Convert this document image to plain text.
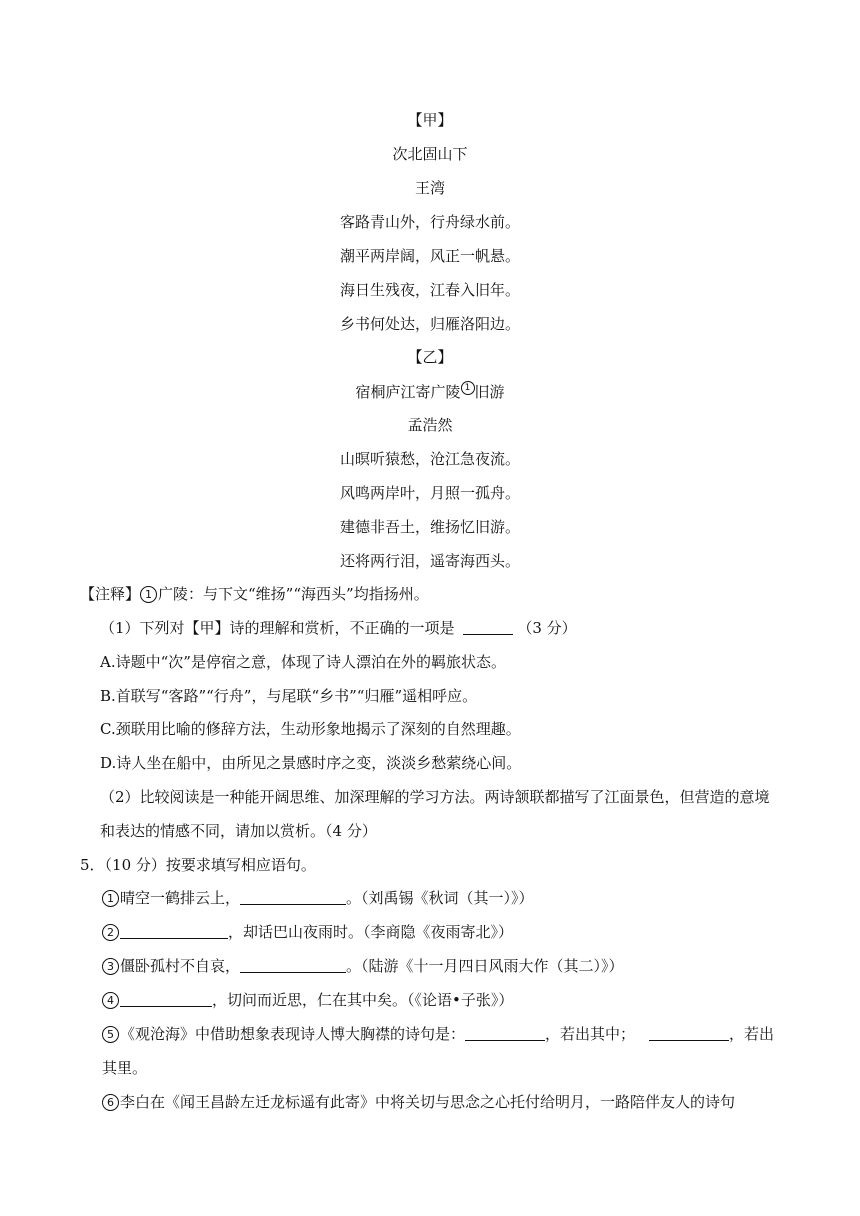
【甲】
次北固山下
王湾
客路青山外，行舟绿水前。
潮平两岸阔，风正一帆悬。
海日生残夜，江春入旧年。
乡书何处达，归雁洛阳边。
【乙】
宿桐庐江寄广陵 1 旧游
孟浩然
山暝听猿愁，沧江急夜流。
风鸣两岸叶，月照一孤舟。
建德非吾土，维扬忆旧游。
还将两行泪，遥寄海西头。
【注释】 1 广陵：与下文“维扬”“海西头”均指扬州。
（1）下列对【甲】诗的理解和赏析，不正确的一项是	（3 分）
A.诗题中“次”是停宿之意，体现了诗人漂泊在外的羁旅状态。
B.首联写“客路”“行舟”，与尾联“乡书”“归雁”遥相呼应。
C.颈联用比喻的修辞方法，生动形象地揭示了深刻的自然理趣。
D.诗人坐在船中，由所见之景感时序之变，淡淡乡愁萦绕心间。
（2）比较阅读是一种能开阔思维、加深理解的学习方法。两诗颔联都描写了江面景色，但营造的意境
和表达的情感不同，请加以赏析。（4 分）
5．（10 分）按要求填写相应语句。
1 晴空一鹤排云上，	。（刘禹锡《秋词（其一）》）
2	，却话巴山夜雨时。（李商隐《夜雨寄北》）
3 僵卧孤村不自哀，	。（陆游《十一月四日风雨大作（其二）》）
4	，切问而近思，仁在其中矣。（《论语•子张》）
5 《观沧海》中借助想象表现诗人博大胸襟的诗句是：	，若出其中；	，若出
其里。
6 李白在《闻王昌龄左迁龙标遥有此寄》中将关切与思念之心托付给明月，一路陪伴友人的诗句
